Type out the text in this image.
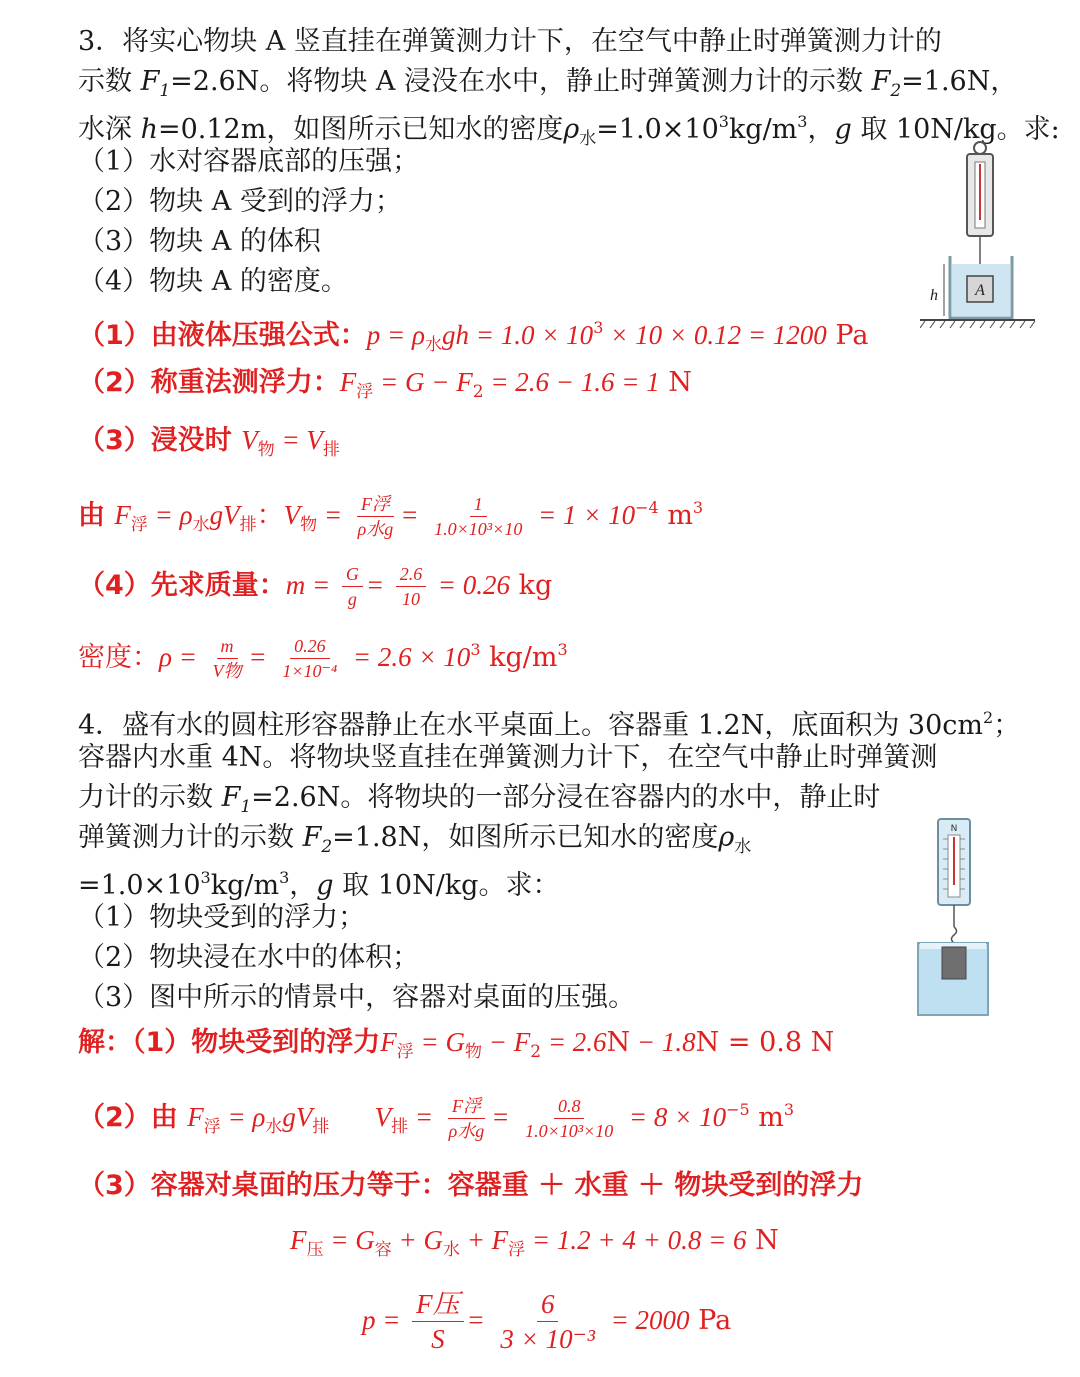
3．将实心物块 A 竖直挂在弹簧测力计下，在空气中静止时弹簧测力计的
示数 $F_1=2.6N$。将物块 A 浸没在水中，静止时弹簧测力计的示数 $F_2=1.6N$，
水深 h=0.12m，如图所示已知水的密度$\rho_水=1.0\times 10^3kg/m^3$，g 取 10N/kg。求:
（1）水对容器底部的压强；
（2）物块 A 受到的浮力；
（3）物块 A 的体积
（4）物块 A 的密度。	A
h
（1）由液体压强公式：$p = \rho_水gh = 1.0 \times 10^3 \times 10 \times 0.12 = 1200$ Pa
（2）称重法测浮力：$F_浮 = G - F_2 = 2.6 - 1.6 = 1$ N
（3）浸没时 $V_物 = V_排$
由 $F_浮 = \rho_水gV_排$：$V_物 = \frac{\text{F浮}}{\text{ρ水g}} = \frac{1}{\text{1.0×10³×10}} = 1 \times 10^{-4}$ $m^3$
（4）先求质量：$m = \frac{G}{g} = \frac{2.6}{10} = 0.26$ kg
密度：$\rho = \frac{m}{\text{V物}} = \frac{0.26}{\text{1×10⁻⁴}} = 2.6 \times 10^3$ $kg/m^3$
4．盛有水的圆柱形容器静止在水平桌面上。容器重 1.2N，底面积为 $30cm^2$；
容器内水重 4N。将物块竖直挂在弹簧测力计下，在空气中静止时弹簧测
力计的示数 $F_1=2.6N$。将物块的一部分浸在容器内的水中，静止时
弹簧测力计的示数 $F_2=1.8N$，如图所示已知水的密度$\rho_水$
$=1.0\times 10^3kg/m^3$，g 取 10N/kg。求：
（1）物块受到的浮力；
（2）物块浸在水中的体积；
（3）图中所示的情景中，容器对桌面的压强。
N
解：（1）物块受到的浮力$F_浮 = G_物 - F_2 = 2.6N - 1.8N = 0.8$ N
（2）由 $F_浮 = \rho_水gV_排$ $V_排 = \frac{\text{F浮}}{\text{ρ水g}} = \frac{0.8}{\text{1.0×10³×10}} = 8 \times 10^{-5}$ $m^3$
（3）容器对桌面的压力等于：容器重 ＋ 水重 ＋ 物块受到的浮力
$F_压 = G_容 + G_水 + F_浮 = 1.2 + 4 + 0.8 = 6$ N
$p = \frac{\text{F压}}{S} = \frac{6}{\text{3 × 10⁻³}} = 2000$ Pa
